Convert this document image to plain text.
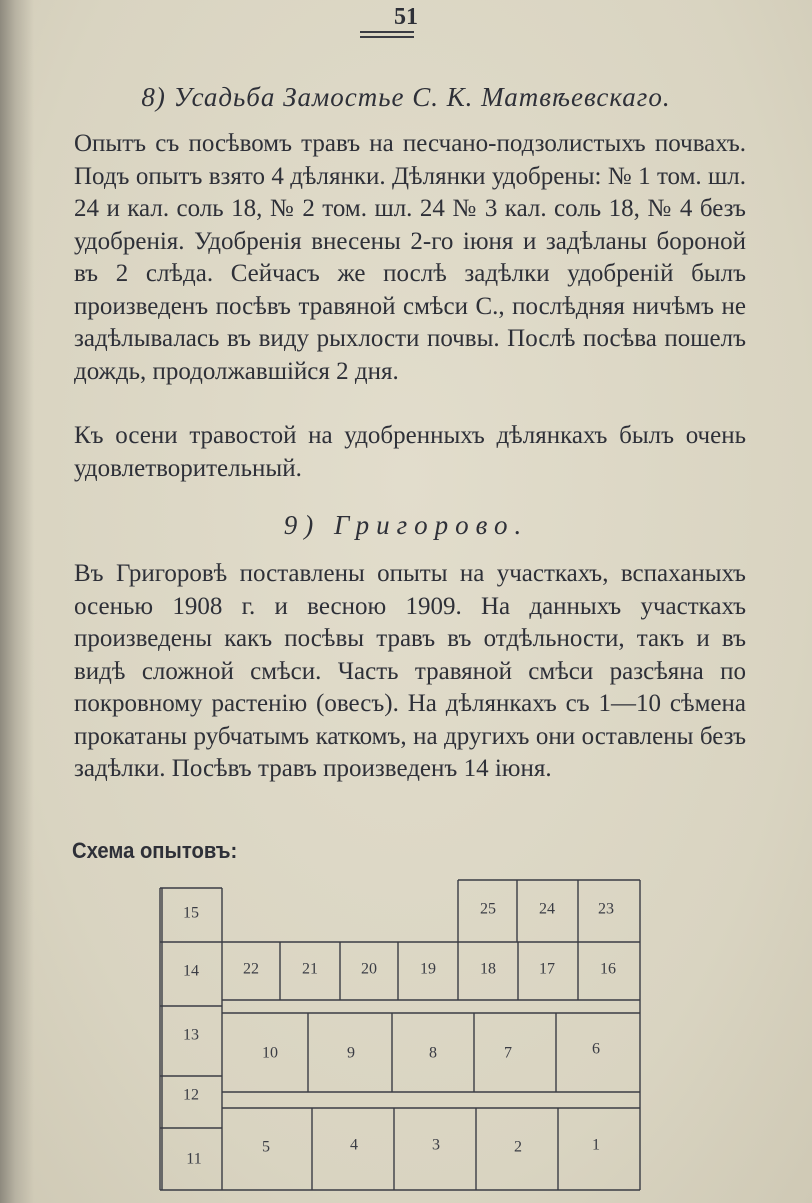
51
8) Усадьба Замостье С. К. Матвѣевскаго.

Опытъ съ посѣвомъ травъ на песчано-подзолистыхъ почвахъ. Подъ опытъ взято 4 дѣлянки. Дѣлянки удобрены: № 1 том. шл. 24 и кал. соль 18, № 2 том. шл. 24 № 3 кал. соль 18, № 4 безъ удобренія. Удобренія внесены 2-го іюня и задѣланы бороной въ 2 слѣда. Сейчасъ же послѣ задѣлки удобреній былъ произведенъ посѣвъ травяной смѣси С., послѣдняя ничѣмъ не задѣлывалась въ виду рыхлости почвы. Послѣ посѣва пошелъ дождь, продолжавшійся 2 дня.

Къ осени травостой на удобренныхъ дѣлянкахъ былъ очень удовлетворительный.

9) Григорово.

Въ Григоровѣ поставлены опыты на участкахъ, вспаханыхъ осенью 1908 г. и весною 1909. На данныхъ участкахъ произведены какъ посѣвы травъ въ отдѣльности, такъ и въ видѣ сложной смѣси. Часть травяной смѣси разсѣяна по покровному растенію (овесъ). На дѣлянкахъ съ 1—10 сѣмена прокатаны рубчатымъ каткомъ, на другихъ они оставлены безъ задѣлки. Посѣвъ травъ произведенъ 14 іюня.

Схема опытовъ:
15
14
13
12
11
25	24	23
22	21	20	19	18	17	16
10	9	8	7	6
5	4	3	2	1
